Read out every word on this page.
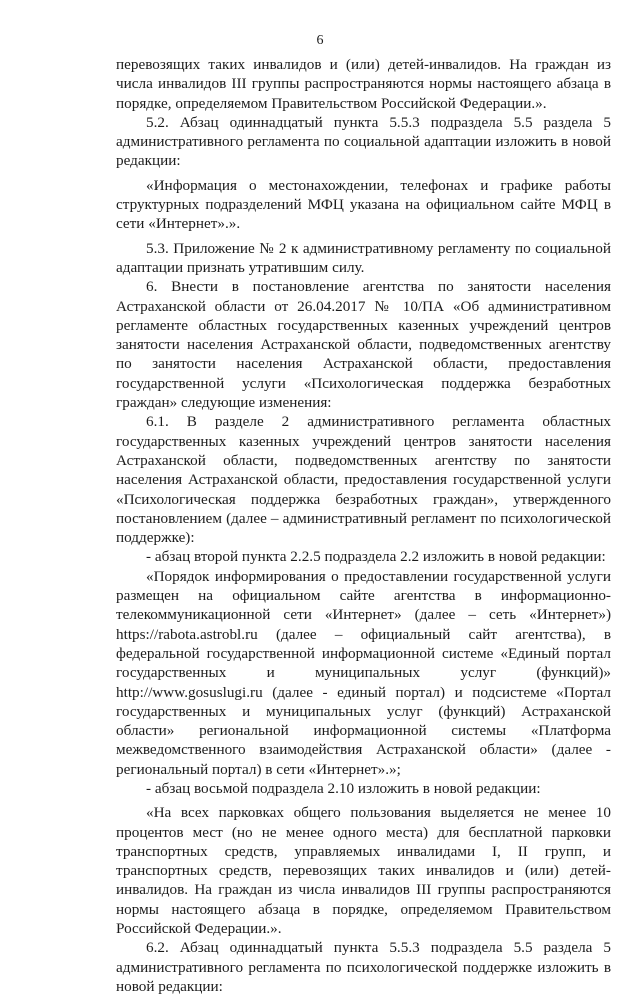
6

перевозящих таких инвалидов и (или) детей-инвалидов. На граждан из числа инвалидов III группы распространяются нормы настоящего абзаца в порядке, определяемом Правительством Российской Федерации.».

5.2. Абзац одиннадцатый пункта 5.5.3 подраздела 5.5 раздела 5 административного регламента по социальной адаптации изложить в новой редакции:

«Информация о местонахождении, телефонах и графике работы структурных подразделений МФЦ указана на официальном сайте МФЦ в сети «Интернет».».

5.3. Приложение № 2 к административному регламенту по социальной адаптации признать утратившим силу.

6. Внести в постановление агентства по занятости населения Астраханской области от 26.04.2017 № 10/ПА «Об административном регламенте областных государственных казенных учреждений центров занятости населения Астраханской области, подведомственных агентству по занятости населения Астраханской области, предоставления государственной услуги «Психологическая поддержка безработных граждан» следующие изменения:

6.1. В разделе 2 административного регламента областных государственных казенных учреждений центров занятости населения Астраханской области, подведомственных агентству по занятости населения Астраханской области, предоставления государственной услуги «Психологическая поддержка безработных граждан», утвержденного постановлением (далее – административный регламент по психологической поддержке):

- абзац второй пункта 2.2.5 подраздела 2.2 изложить в новой редакции:

«Порядок информирования о предоставлении государственной услуги размещен на официальном сайте агентства в информационно-телекоммуникационной сети «Интернет» (далее – сеть «Интернет») https://rabota.astrobl.ru (далее – официальный сайт агентства), в федеральной государственной информационной системе «Единый портал государственных и муниципальных услуг (функций)» http://www.gosuslugi.ru (далее - единый портал) и подсистеме «Портал государственных и муниципальных услуг (функций) Астраханской области» региональной информационной системы «Платформа межведомственного взаимодействия Астраханской области» (далее - региональный портал) в сети «Интернет».»;

- абзац восьмой подраздела 2.10 изложить в новой редакции:

«На всех парковках общего пользования выделяется не менее 10 процентов мест (но не менее одного места) для бесплатной парковки транспортных средств, управляемых инвалидами I, II групп, и транспортных средств, перевозящих таких инвалидов и (или) детей-инвалидов. На граждан из числа инвалидов III группы распространяются нормы настоящего абзаца в порядке, определяемом Правительством Российской Федерации.».

6.2. Абзац одиннадцатый пункта 5.5.3 подраздела 5.5 раздела 5 административного регламента по психологической поддержке изложить в новой редакции:
